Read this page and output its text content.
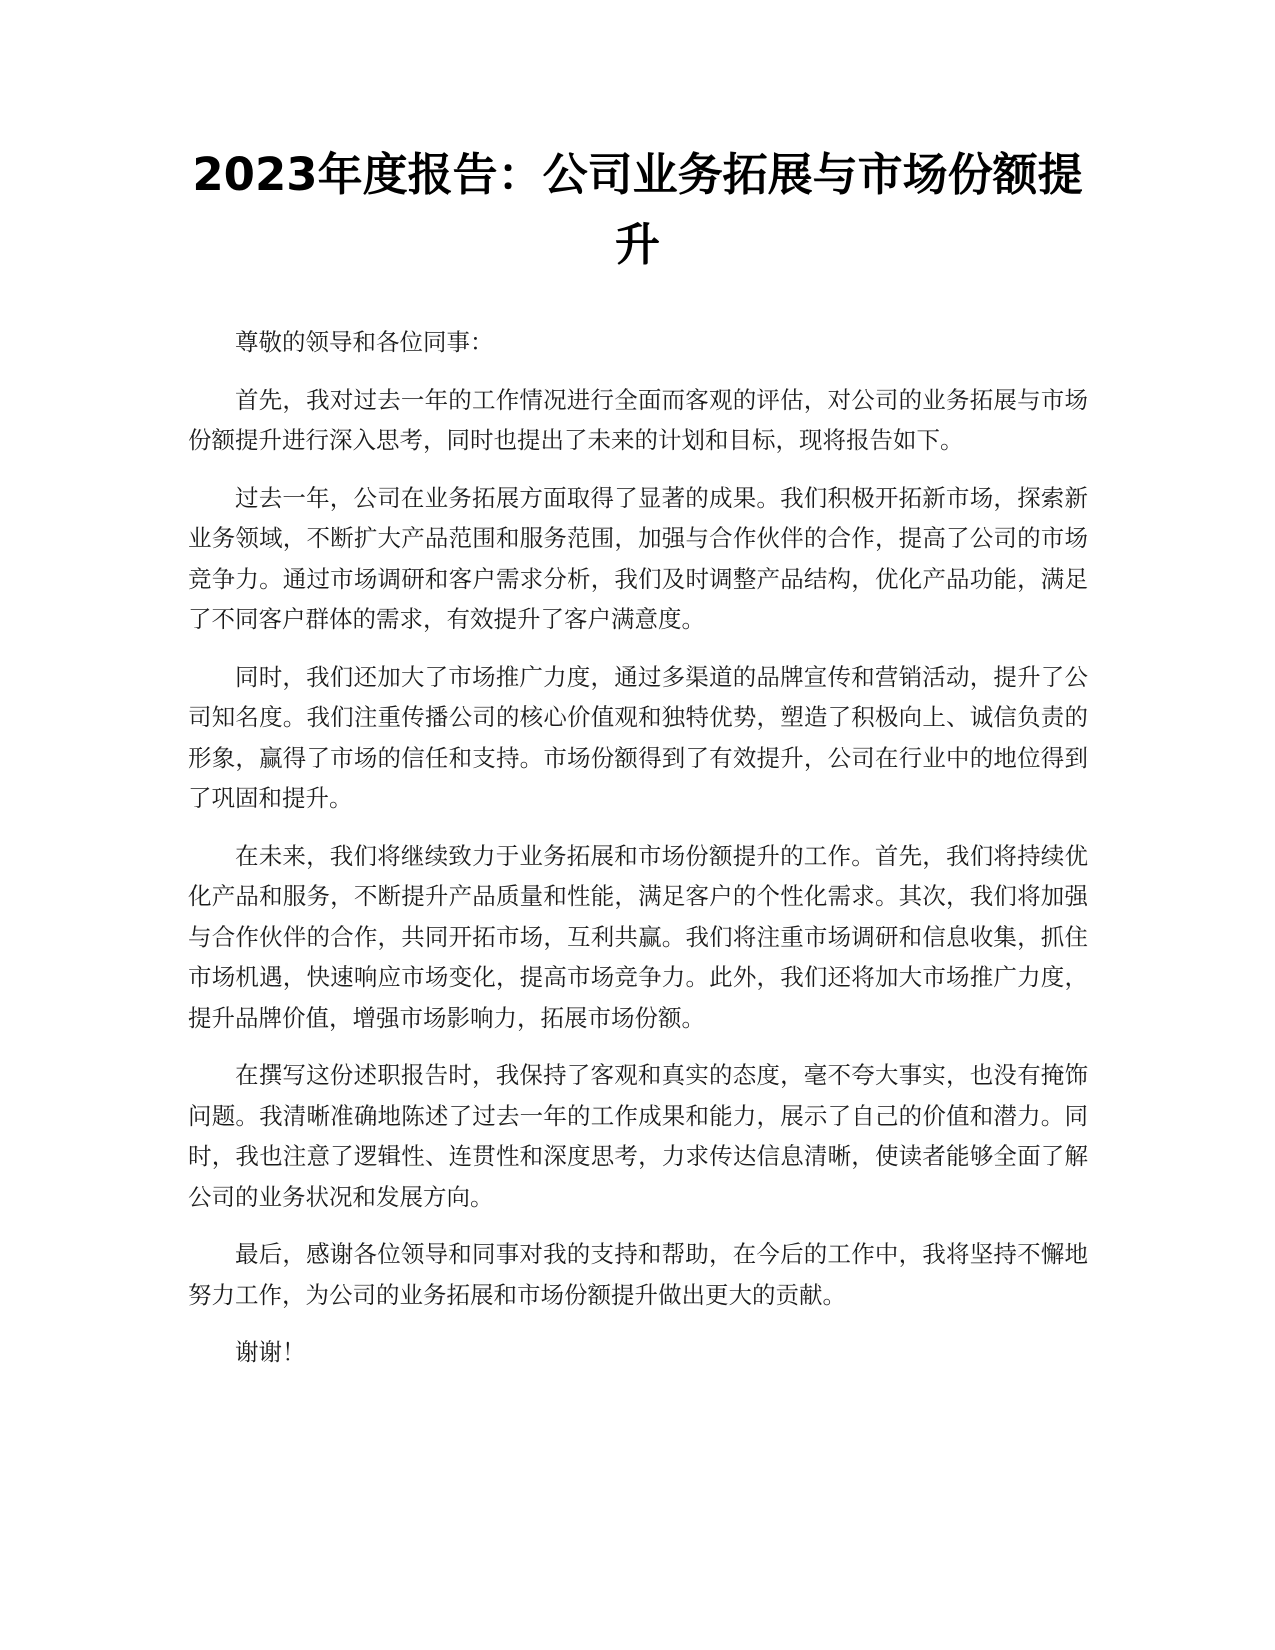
2023年度报告：公司业务拓展与市场份额提升

尊敬的领导和各位同事：

首先，我对过去一年的工作情况进行全面而客观的评估，对公司的业务拓展与市场份额提升进行深入思考，同时也提出了未来的计划和目标，现将报告如下。

过去一年，公司在业务拓展方面取得了显著的成果。我们积极开拓新市场，探索新业务领域，不断扩大产品范围和服务范围，加强与合作伙伴的合作，提高了公司的市场竞争力。通过市场调研和客户需求分析，我们及时调整产品结构，优化产品功能，满足了不同客户群体的需求，有效提升了客户满意度。

同时，我们还加大了市场推广力度，通过多渠道的品牌宣传和营销活动，提升了公司知名度。我们注重传播公司的核心价值观和独特优势，塑造了积极向上、诚信负责的形象，赢得了市场的信任和支持。市场份额得到了有效提升，公司在行业中的地位得到了巩固和提升。

在未来，我们将继续致力于业务拓展和市场份额提升的工作。首先，我们将持续优化产品和服务，不断提升产品质量和性能，满足客户的个性化需求。其次，我们将加强与合作伙伴的合作，共同开拓市场，互利共赢。我们将注重市场调研和信息收集，抓住市场机遇，快速响应市场变化，提高市场竞争力。此外，我们还将加大市场推广力度，提升品牌价值，增强市场影响力，拓展市场份额。

在撰写这份述职报告时，我保持了客观和真实的态度，毫不夸大事实，也没有掩饰问题。我清晰准确地陈述了过去一年的工作成果和能力，展示了自己的价值和潜力。同时，我也注意了逻辑性、连贯性和深度思考，力求传达信息清晰，使读者能够全面了解公司的业务状况和发展方向。

最后，感谢各位领导和同事对我的支持和帮助，在今后的工作中，我将坚持不懈地努力工作，为公司的业务拓展和市场份额提升做出更大的贡献。

谢谢！
